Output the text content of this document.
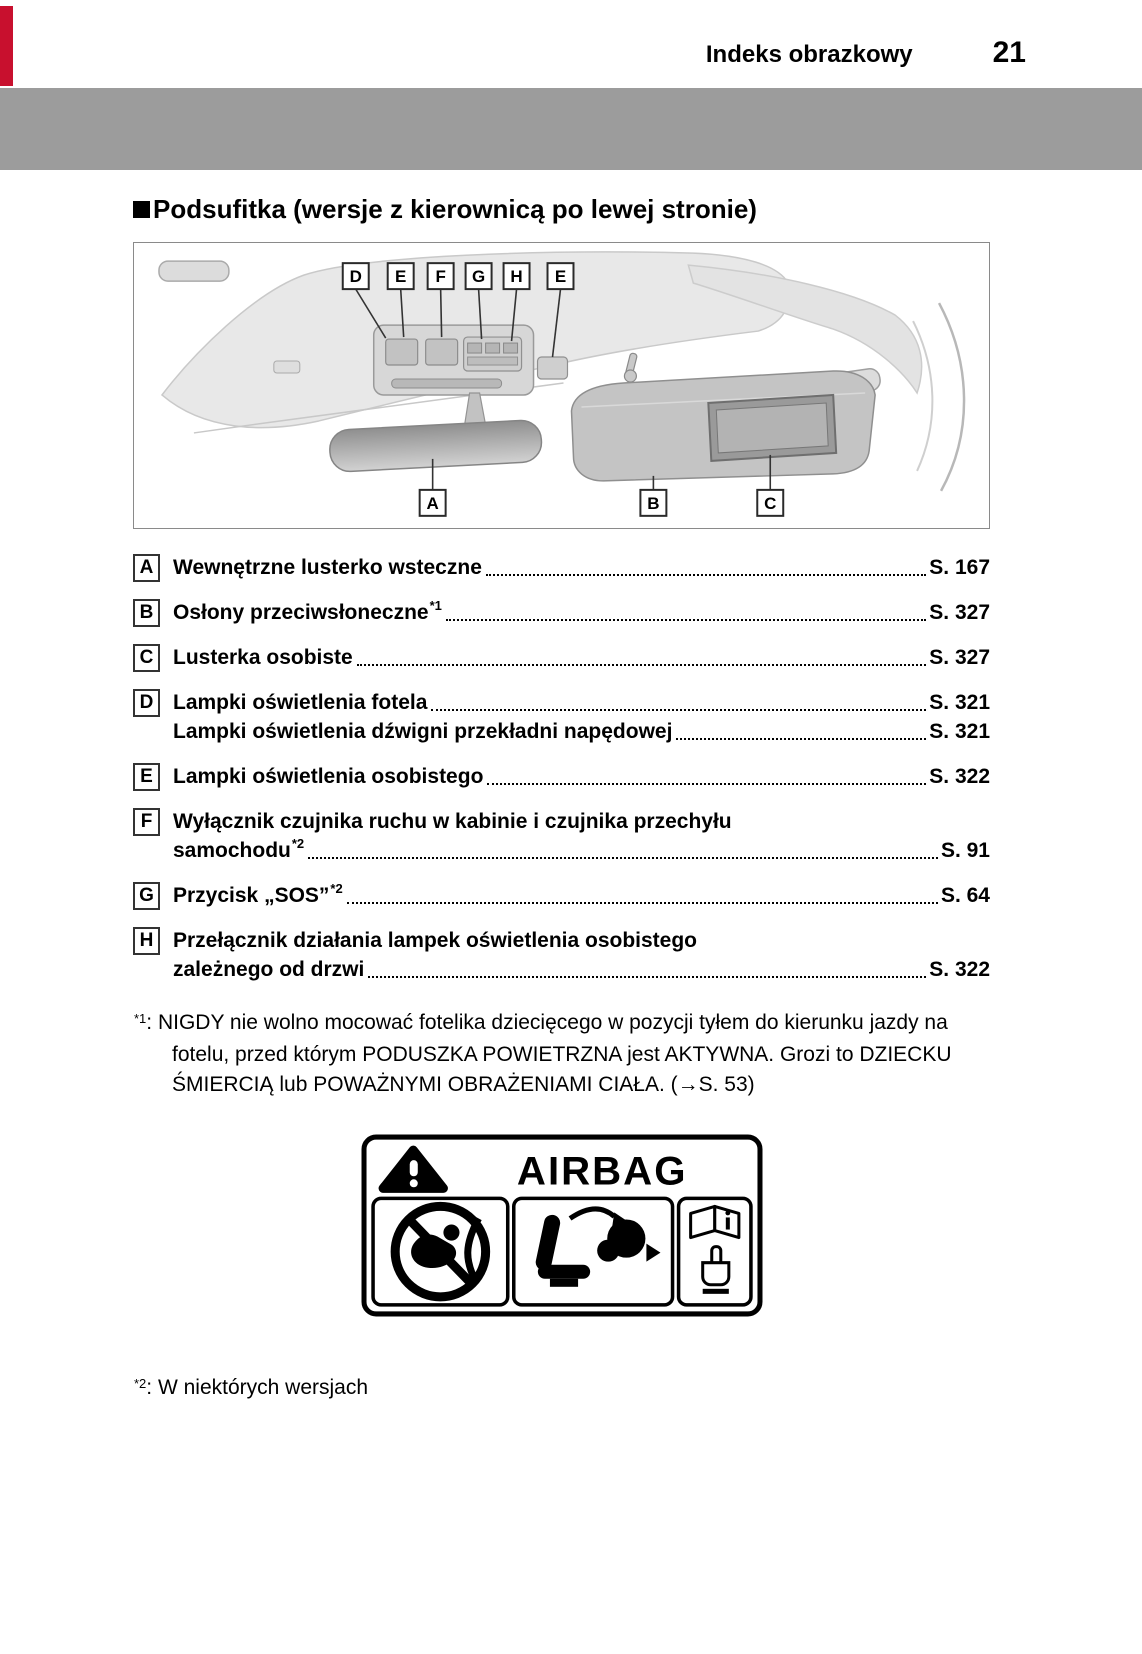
Indeks obrazkowy	21
Podsufitka (wersje z kierownicą po lewej stronie)
D E F G H E
A	B	C
A Wewnętrzne lusterko wsteczne	S. 167
B Osłony przeciwsłoneczne *1	S. 327
C Lusterka osobiste	S. 327
D Lampki oświetlenia fotela	S. 321
Lampki oświetlenia dźwigni przekładni napędowej	S. 321
E Lampki oświetlenia osobistego	S. 322
F Wyłącznik czujnika ruchu w kabinie i czujnika przechyłu
samochodu *2	S. 91
G Przycisk „SOS” *2	S. 64
H Przełącznik działania lampek oświetlenia osobistego
zależnego od drzwi	S. 322

$^{*1}$: NIGDY nie wolno mocować fotelika dziecięcego w pozycji tyłem do kierunku jazdy na fotelu, przed którym PODUSZKA POWIETRZNA jest AKTYWNA. Grozi to DZIECKU ŚMIERCIĄ lub POWAŻNYMI OBRAŻENIAMI CIAŁA. (→S. 53)

AIRBAG

$^{*2}$: W niektórych wersjach
